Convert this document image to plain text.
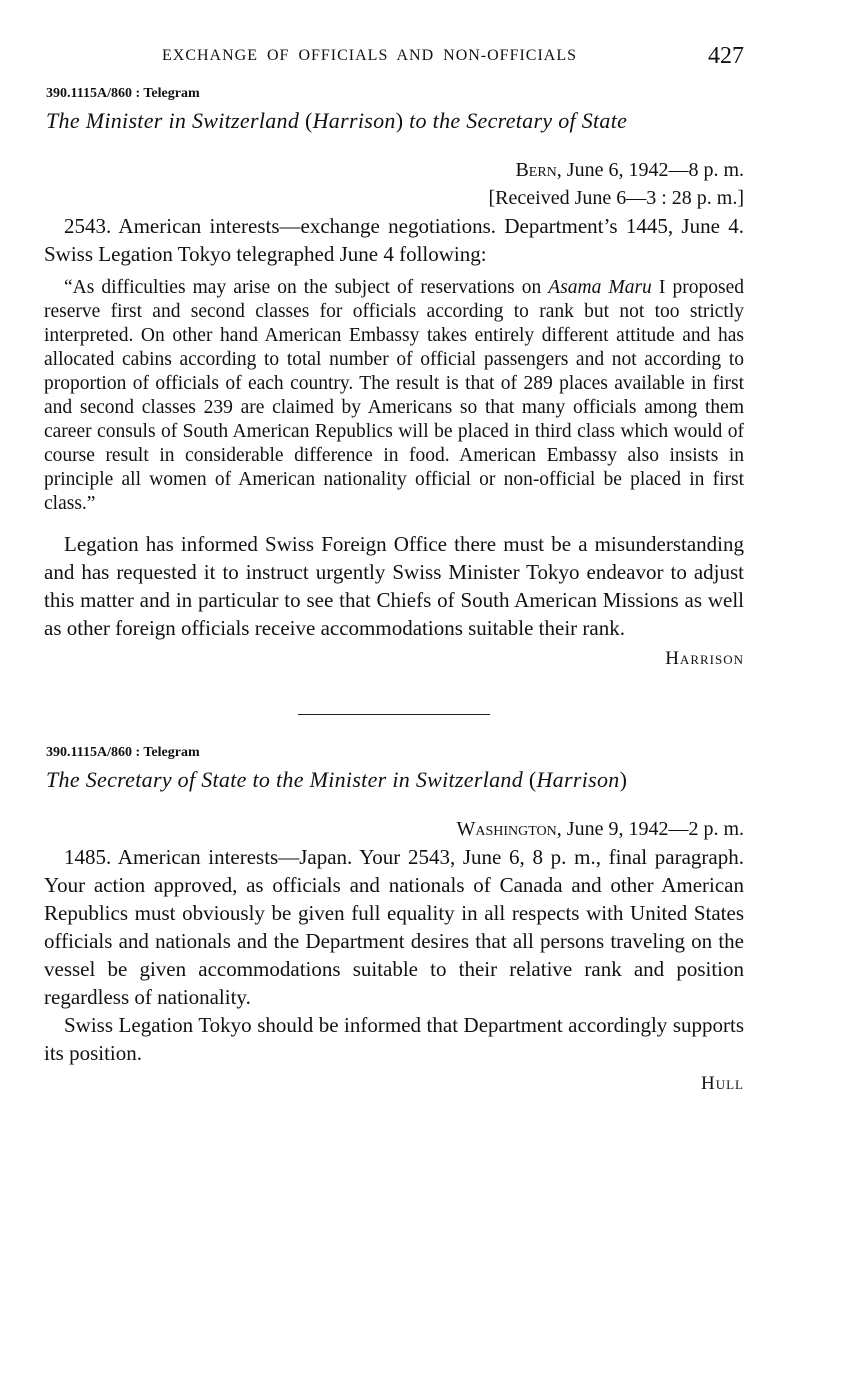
EXCHANGE OF OFFICIALS AND NON-OFFICIALS	427
390.1115A/860 : Telegram
The Minister in Switzerland (Harrison) to the Secretary of State
Bern, June 6, 1942—8 p. m.
[Received June 6—3 : 28 p. m.]

2543. American interests—exchange negotiations. Department’s 1445, June 4. Swiss Legation Tokyo telegraphed June 4 following:

“As difficulties may arise on the subject of reservations on Asama Maru I proposed reserve first and second classes for officials according to rank but not too strictly interpreted. On other hand American Embassy takes entirely different attitude and has allocated cabins according to total number of official passengers and not according to proportion of officials of each country. The result is that of 289 places available in first and second classes 239 are claimed by Americans so that many officials among them career consuls of South American Republics will be placed in third class which would of course result in considerable difference in food. American Embassy also insists in principle all women of American nationality official or non-official be placed in first class.”

Legation has informed Swiss Foreign Office there must be a misunderstanding and has requested it to instruct urgently Swiss Minister Tokyo endeavor to adjust this matter and in particular to see that Chiefs of South American Missions as well as other foreign officials receive accommodations suitable their rank.

Harrison
390.1115A/860 : Telegram
The Secretary of State to the Minister in Switzerland (Harrison)
Washington, June 9, 1942—2 p. m.

1485. American interests—Japan. Your 2543, June 6, 8 p. m., final paragraph. Your action approved, as officials and nationals of Canada and other American Republics must obviously be given full equality in all respects with United States officials and nationals and the Department desires that all persons traveling on the vessel be given accommodations suitable to their relative rank and position regardless of nationality.

Swiss Legation Tokyo should be informed that Department accordingly supports its position.

Hull
